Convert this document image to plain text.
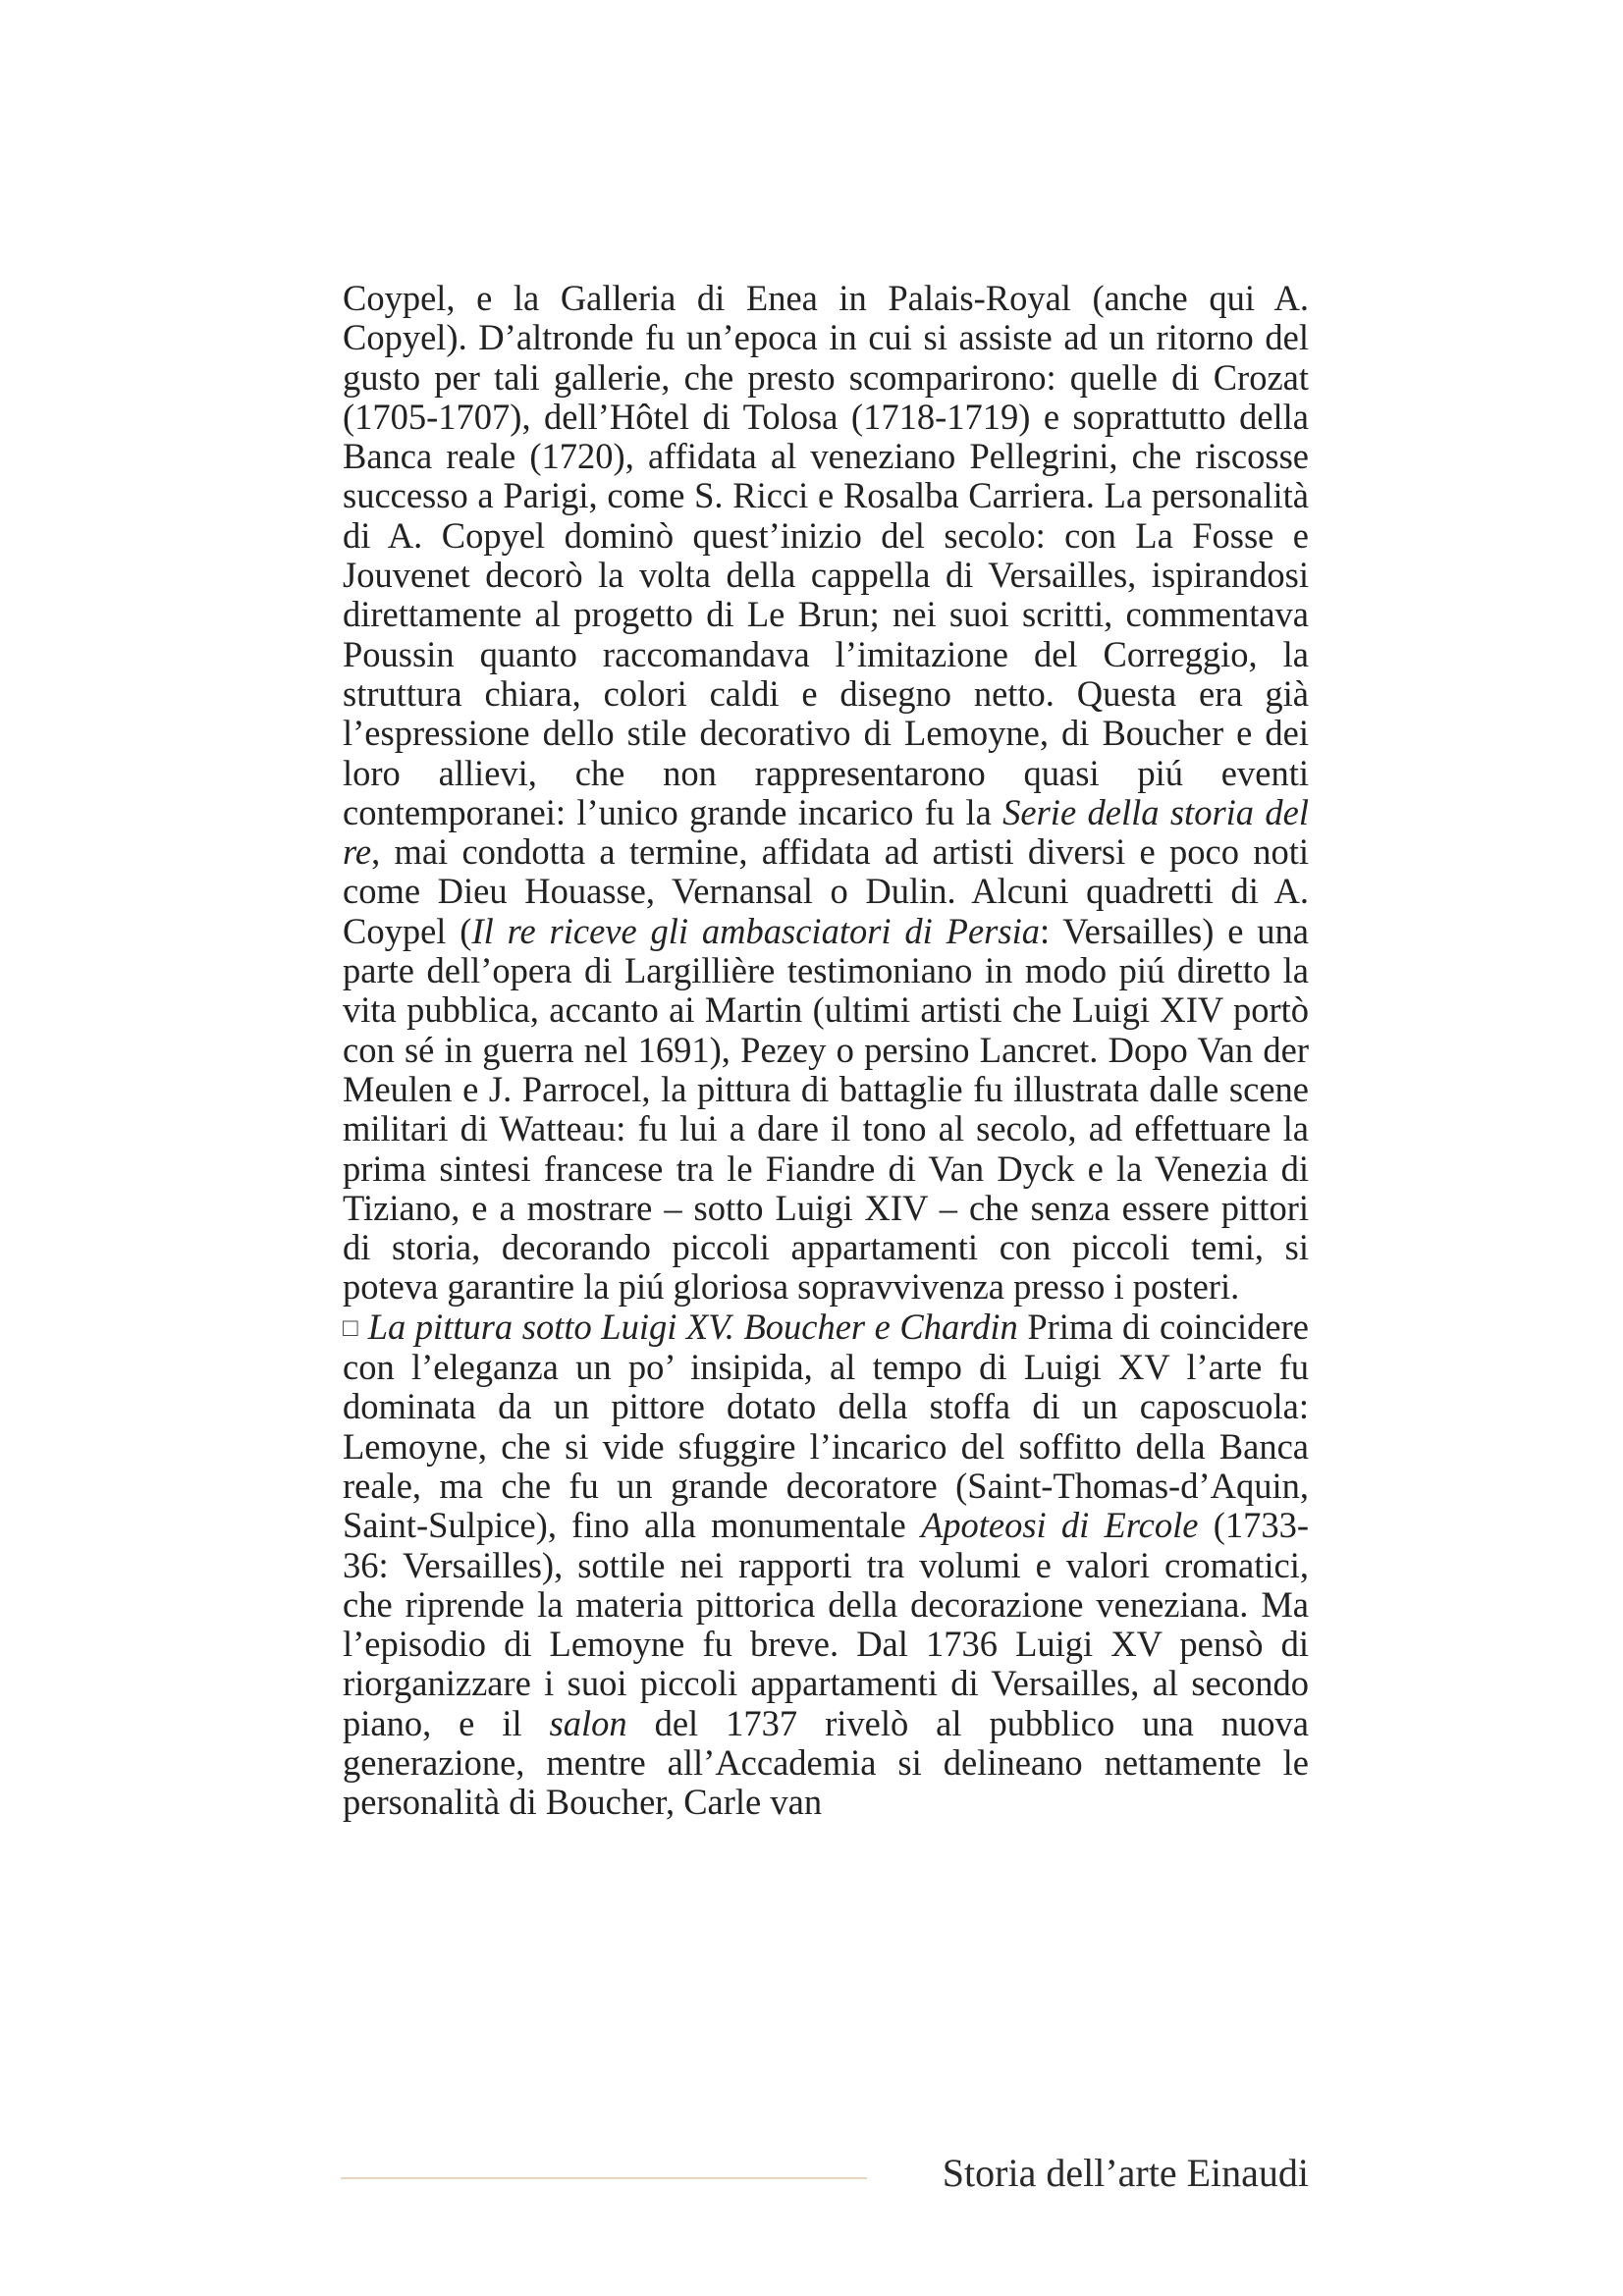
Coypel, e la Galleria di Enea in Palais-Royal (anche qui A. Copyel). D’altronde fu un’epoca in cui si assiste ad un ritorno del gusto per tali gallerie, che presto scomparirono: quelle di Crozat (1705-1707), dell’Hôtel di Tolosa (1718-1719) e soprattutto della Banca reale (1720), affidata al veneziano Pellegrini, che riscosse successo a Parigi, come S. Ricci e Rosalba Carriera. La personalità di A. Copyel dominò quest’inizio del secolo: con La Fosse e Jouvenet decorò la volta della cappella di Versailles, ispirandosi direttamente al progetto di Le Brun; nei suoi scritti, commentava Poussin quanto raccomandava l’imitazione del Correggio, la struttura chiara, colori caldi e disegno netto. Questa era già l’espressione dello stile decorativo di Lemoyne, di Boucher e dei loro allievi, che non rappresentarono quasi piú eventi contemporanei: l’unico grande incarico fu la Serie della storia del re, mai condotta a termine, affidata ad artisti diversi e poco noti come Dieu Houasse, Vernansal o Dulin. Alcuni quadretti di A. Coypel (Il re riceve gli ambasciatori di Persia: Versailles) e una parte dell’opera di Largillière testimoniano in modo piú diretto la vita pubblica, accanto ai Martin (ultimi artisti che Luigi XIV portò con sé in guerra nel 1691), Pezey o persino Lancret. Dopo Van der Meulen e J. Parrocel, la pittura di battaglie fu illustrata dalle scene militari di Watteau: fu lui a dare il tono al secolo, ad effettuare la prima sintesi francese tra le Fiandre di Van Dyck e la Venezia di Tiziano, e a mostrare – sotto Luigi XIV – che senza essere pittori di storia, decorando piccoli appartamenti con piccoli temi, si poteva garantire la piú gloriosa sopravvivenza presso i posteri.

□ La pittura sotto Luigi XV. Boucher e Chardin Prima di coincidere con l’eleganza un po’ insipida, al tempo di Luigi XV l’arte fu dominata da un pittore dotato della stoffa di un caposcuola: Lemoyne, che si vide sfuggire l’incarico del soffitto della Banca reale, ma che fu un grande decoratore (Saint-Thomas-d’Aquin, Saint-Sulpice), fino alla monumentale Apoteosi di Ercole (1733-36: Versailles), sottile nei rapporti tra volumi e valori cromatici, che riprende la materia pittorica della decorazione veneziana. Ma l’episodio di Lemoyne fu breve. Dal 1736 Luigi XV pensò di riorganizzare i suoi piccoli appartamenti di Versailles, al secondo piano, e il salon del 1737 rivelò al pubblico una nuova generazione, mentre all’Accademia si delineano nettamente le personalità di Boucher, Carle van

Storia dell’arte Einaudi
